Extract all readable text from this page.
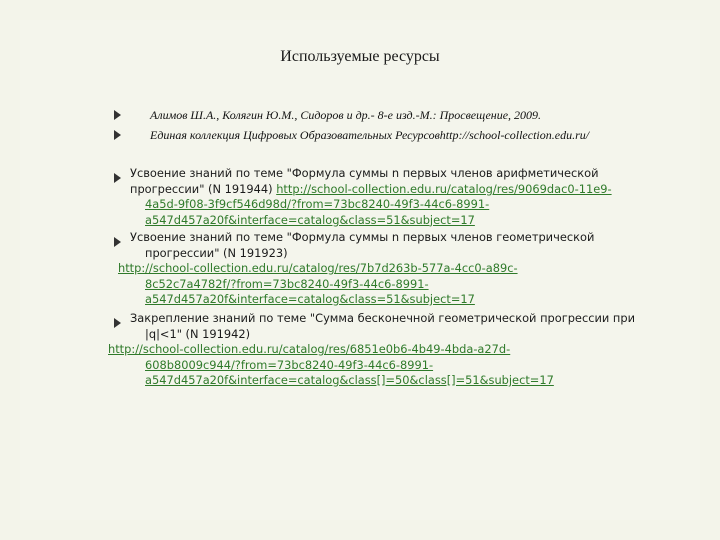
Используемые ресурсы
Алимов Ш.А., Колягин Ю.М., Сидоров и др.- 8-е изд.-М.: Просвещение, 2009.
Единая коллекция Цифровых Образовательных Ресурсовhttp://school-collection.edu.ru/
Усвоение знаний по теме "Формула суммы n первых членов арифметической
прогрессии" (N 191944) http://school-collection.edu.ru/catalog/res/9069dac0-11e9-
4a5d-9f08-3f9cf546d98d/?from=73bc8240-49f3-44c6-8991-
a547d457a20f&interface=catalog&class=51&subject=17
Усвоение знаний по теме "Формула суммы n первых членов геометрической
прогрессии" (N 191923)
http://school-collection.edu.ru/catalog/res/7b7d263b-577a-4cc0-a89c-
8c52c7a4782f/?from=73bc8240-49f3-44c6-8991-
a547d457a20f&interface=catalog&class=51&subject=17
Закрепление знаний по теме "Сумма бесконечной геометрической прогрессии при
|q|<1" (N 191942)
http://school-collection.edu.ru/catalog/res/6851e0b6-4b49-4bda-a27d-
608b8009c944/?from=73bc8240-49f3-44c6-8991-
a547d457a20f&interface=catalog&class[]=50&class[]=51&subject=17
